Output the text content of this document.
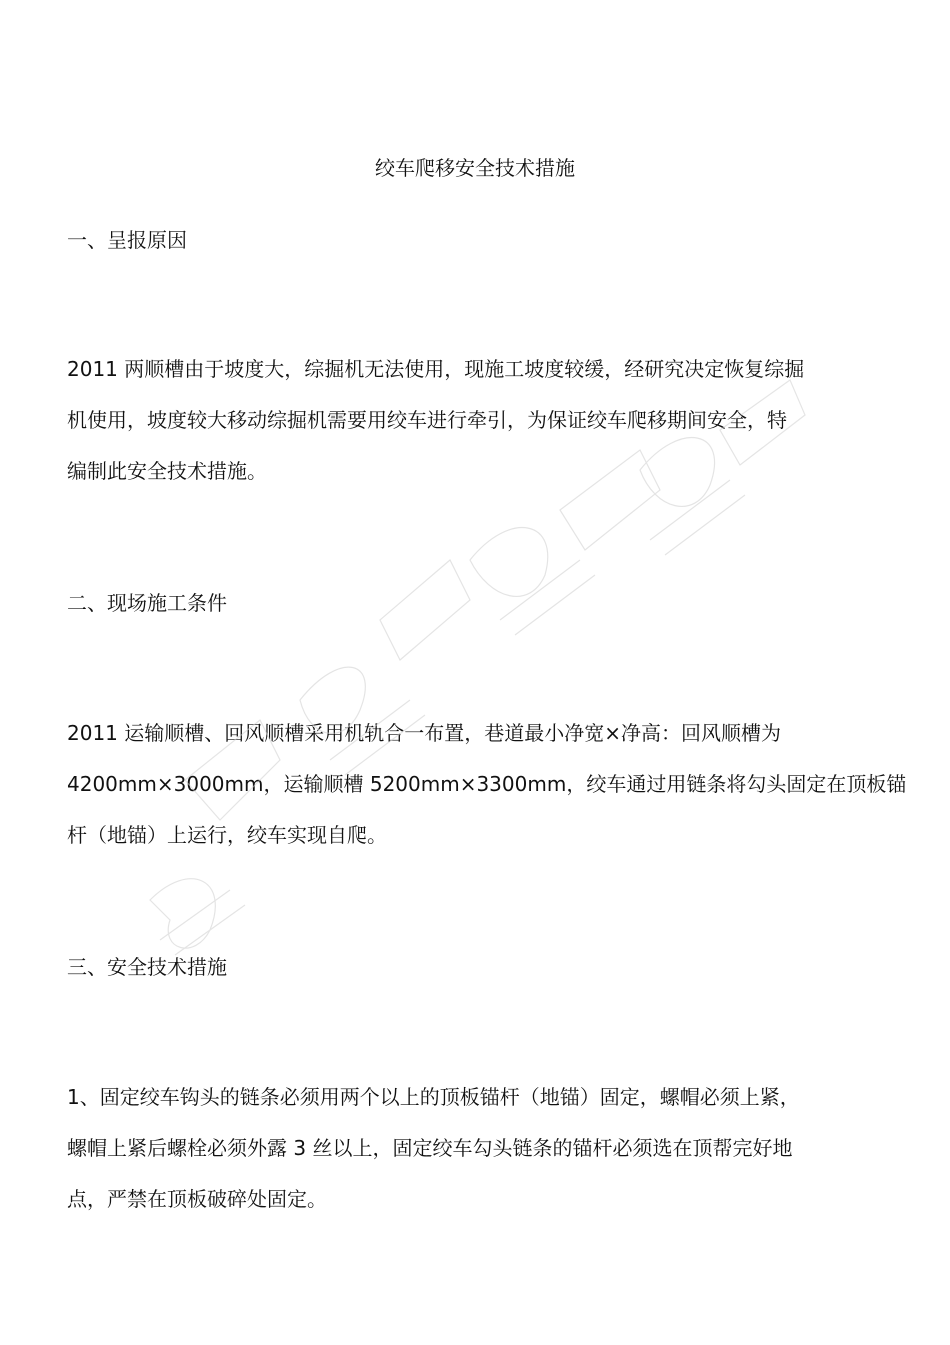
绞车爬移安全技术措施
一、呈报原因
2011 两顺槽由于坡度大，综掘机无法使用，现施工坡度较缓，经研究决定恢复综掘
机使用，坡度较大移动综掘机需要用绞车进行牵引，为保证绞车爬移期间安全，特
编制此安全技术措施。
二、现场施工条件
2011 运输顺槽、回风顺槽采用机轨合一布置，巷道最小净宽×净高：回风顺槽为
4200mm×3000mm，运输顺槽 5200mm×3300mm，绞车通过用链条将勾头固定在顶板锚
杆（地锚）上运行，绞车实现自爬。
三、安全技术措施
1、固定绞车钩头的链条必须用两个以上的顶板锚杆（地锚）固定，螺帽必须上紧，
螺帽上紧后螺栓必须外露 3 丝以上，固定绞车勾头链条的锚杆必须选在顶帮完好地
点，严禁在顶板破碎处固定。
